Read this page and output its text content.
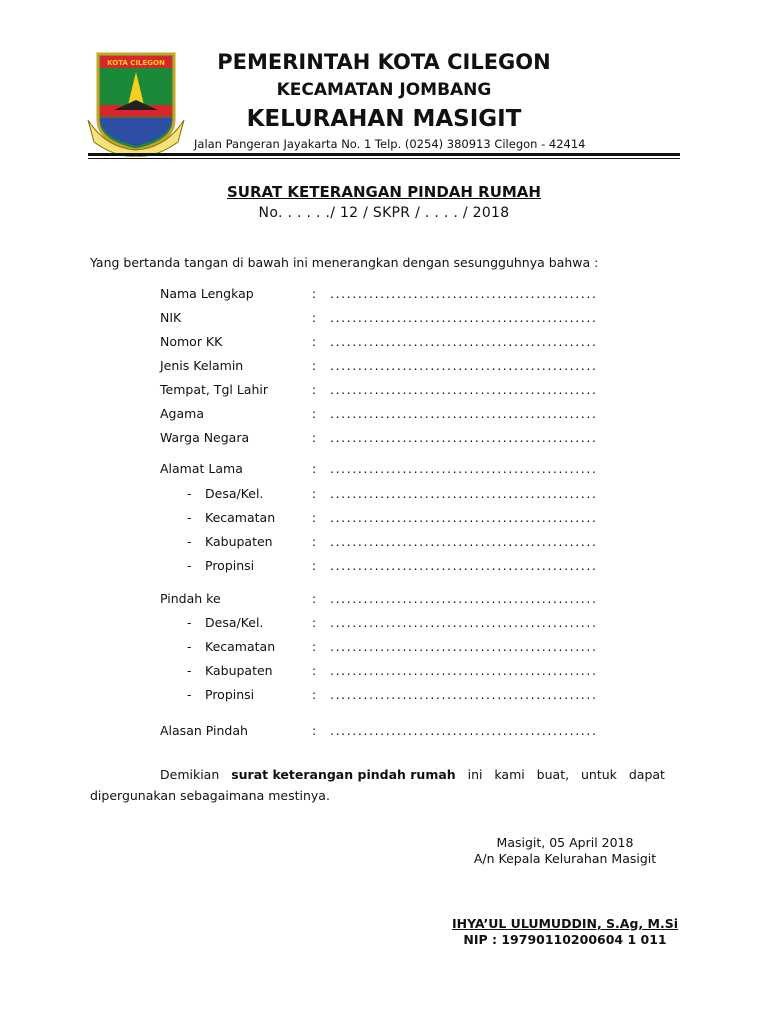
KOTA CILEGON	PEMERINTAH KOTA CILEGON
KECAMATAN JOMBANG
KELURAHAN MASIGIT
Jalan Pangeran Jayakarta No. 1 Telp. (0254) 380913 Cilegon - 42414
SURAT KETERANGAN PINDAH RUMAH
No. . . . . ./ 12 / SKPR / . . . . / 2018
Yang bertanda tangan di bawah ini menerangkan dengan sesungguhnya bahwa :
Nama Lengkap	: ................................................
NIK	: ................................................
Nomor KK	: ................................................
Jenis Kelamin	: ................................................
Tempat, Tgl Lahir	: ................................................
Agama	: ................................................
Warga Negara	: ................................................
Alamat Lama	: ................................................
- Desa/Kel.	: ................................................
- Kecamatan	: ................................................
- Kabupaten	: ................................................
- Propinsi	: ................................................
Pindah ke	: ................................................
- Desa/Kel.	: ................................................
- Kecamatan	: ................................................
- Kabupaten	: ................................................
- Propinsi	: ................................................
Alasan Pindah	: ................................................
Demikian surat keterangan pindah rumah ini kami buat, untuk dapat
dipergunakan sebagaimana mestinya.
Masigit, 05 April 2018
A/n Kepala Kelurahan Masigit
IHYA’UL ULUMUDDIN, S.Ag, M.Si
NIP : 19790110200604 1 011
